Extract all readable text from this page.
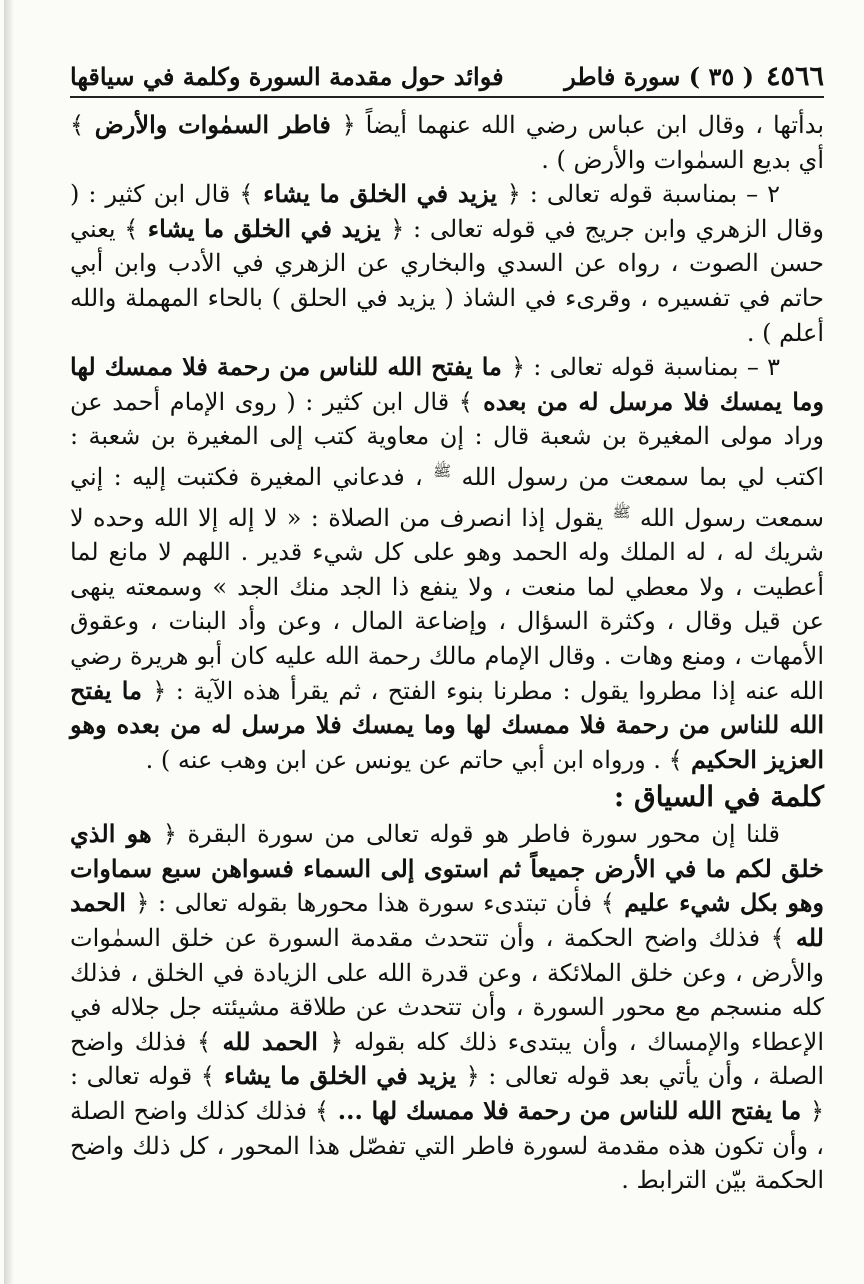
٤٥٦٦
( ٣٥ ) سورة فاطر
فوائد حول مقدمة السورة وكلمة في سياقها

بدأتها ، وقال ابن عباس رضي الله عنهما أيضاً ﴿ فاطر السمٰوات والأرض ﴾ أي بديع السمٰوات والأرض ) .

٢ – بمناسبة قوله تعالى : ﴿ يزيد في الخلق ما يشاء ﴾ قال ابن كثير : ( وقال الزهري وابن جريج في قوله تعالى : ﴿ يزيد في الخلق ما يشاء ﴾ يعني حسن الصوت ، رواه عن السدي والبخاري عن الزهري في الأدب وابن أبي حاتم في تفسيره ، وقرىء في الشاذ ( يزيد في الحلق ) بالحاء المهملة والله أعلم ) .

٣ – بمناسبة قوله تعالى : ﴿ ما يفتح الله للناس من رحمة فلا ممسك لها وما يمسك فلا مرسل له من بعده ﴾ قال ابن كثير : ( روى الإمام أحمد عن وراد مولى المغيرة بن شعبة قال : إن معاوية كتب إلى المغيرة بن شعبة : اكتب لي بما سمعت من رسول الله $^ﷺ$ ، فدعاني المغيرة فكتبت إليه : إني سمعت رسول الله $^ﷺ$ يقول إذا انصرف من الصلاة : « لا إله إلا الله وحده لا شريك له ، له الملك وله الحمد وهو على كل شيء قدير . اللهم لا مانع لما أعطيت ، ولا معطي لما منعت ، ولا ينفع ذا الجد منك الجد » وسمعته ينهى عن قيل وقال ، وكثرة السؤال ، وإضاعة المال ، وعن وأد البنات ، وعقوق الأمهات ، ومنع وهات . وقال الإمام مالك رحمة الله عليه كان أبو هريرة رضي الله عنه إذا مطروا يقول : مطرنا بنوء الفتح ، ثم يقرأ هذه الآية : ﴿ ما يفتح الله للناس من رحمة فلا ممسك لها وما يمسك فلا مرسل له من بعده وهو العزيز الحكيم ﴾ . ورواه ابن أبي حاتم عن يونس عن ابن وهب عنه ) .

كلمة في السياق :

قلنا إن محور سورة فاطر هو قوله تعالى من سورة البقرة ﴿ هو الذي خلق لكم ما في الأرض جميعاً ثم استوى إلى السماء فسواهن سبع سماوات وهو بكل شيء عليم ﴾ فأن تبتدىء سورة هذا محورها بقوله تعالى : ﴿ الحمد لله ﴾ فذلك واضح الحكمة ، وأن تتحدث مقدمة السورة عن خلق السمٰوات والأرض ، وعن خلق الملائكة ، وعن قدرة الله على الزيادة في الخلق ، فذلك كله منسجم مع محور السورة ، وأن تتحدث عن طلاقة مشيئته جل جلاله في الإعطاء والإمساك ، وأن يبتدىء ذلك كله بقوله ﴿ الحمد لله ﴾ فذلك واضح الصلة ، وأن يأتي بعد قوله تعالى : ﴿ يزيد في الخلق ما يشاء ﴾ قوله تعالى : ﴿ ما يفتح الله للناس من رحمة فلا ممسك لها ... ﴾ فذلك كذلك واضح الصلة ، وأن تكون هذه مقدمة لسورة فاطر التي تفصّل هذا المحور ، كل ذلك واضح الحكمة بيّن الترابط .
